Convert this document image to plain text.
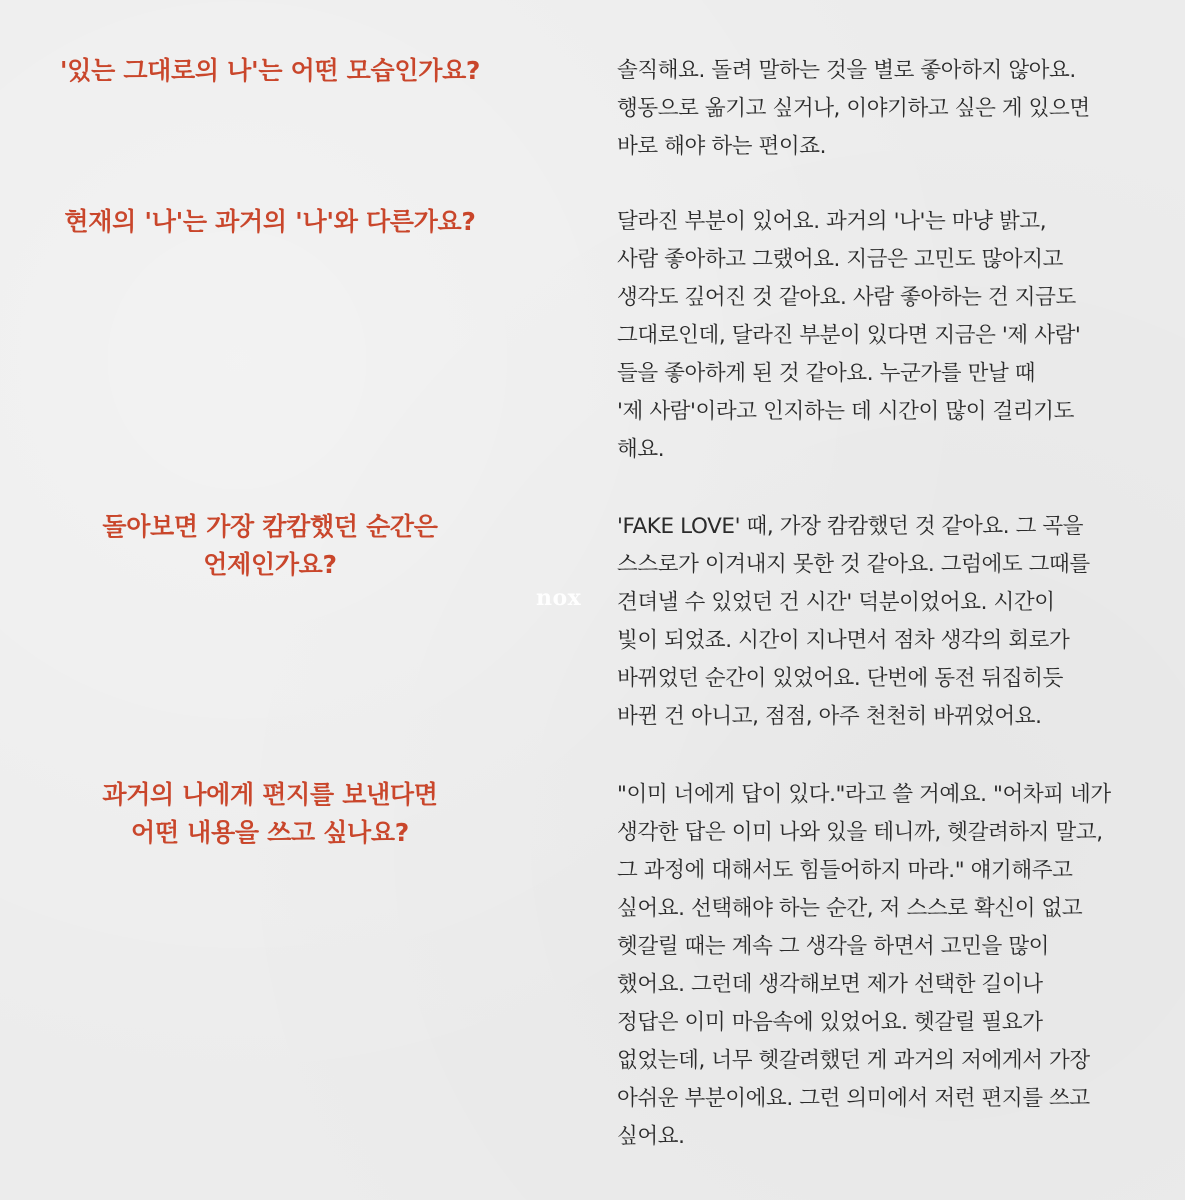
'있는 그대로의 나'는 어떤 모습인가요?	솔직해요. 돌려 말하는 것을 별로 좋아하지 않아요.
행동으로 옮기고 싶거나, 이야기하고 싶은 게 있으면
바로 해야 하는 편이죠.
현재의 '나'는 과거의 '나'와 다른가요?	달라진 부분이 있어요. 과거의 '나'는 마냥 밝고,
사람 좋아하고 그랬어요. 지금은 고민도 많아지고
생각도 깊어진 것 같아요. 사람 좋아하는 건 지금도
그대로인데, 달라진 부분이 있다면 지금은 '제 사람'
들을 좋아하게 된 것 같아요. 누군가를 만날 때
'제 사람'이라고 인지하는 데 시간이 많이 걸리기도
해요.
돌아보면 가장 캄캄했던 순간은
언제인가요?
'FAKE LOVE' 때, 가장 캄캄했던 것 같아요. 그 곡을
스스로가 이겨내지 못한 것 같아요. 그럼에도 그때를
견뎌낼 수 있었던 건 시간' 덕분이었어요. 시간이
빛이 되었죠. 시간이 지나면서 점차 생각의 회로가
바뀌었던 순간이 있었어요. 단번에 동전 뒤집히듯
바뀐 건 아니고, 점점, 아주 천천히 바뀌었어요.
과거의 나에게 편지를 보낸다면
어떤 내용을 쓰고 싶나요?
"이미 너에게 답이 있다."라고 쓸 거예요. "어차피 네가
생각한 답은 이미 나와 있을 테니까, 헷갈려하지 말고,
그 과정에 대해서도 힘들어하지 마라." 얘기해주고
싶어요. 선택해야 하는 순간, 저 스스로 확신이 없고
헷갈릴 때는 계속 그 생각을 하면서 고민을 많이
했어요. 그런데 생각해보면 제가 선택한 길이나
정답은 이미 마음속에 있었어요. 헷갈릴 필요가
없었는데, 너무 헷갈려했던 게 과거의 저에게서 가장
아쉬운 부분이에요. 그런 의미에서 저런 편지를 쓰고
싶어요.
nox
